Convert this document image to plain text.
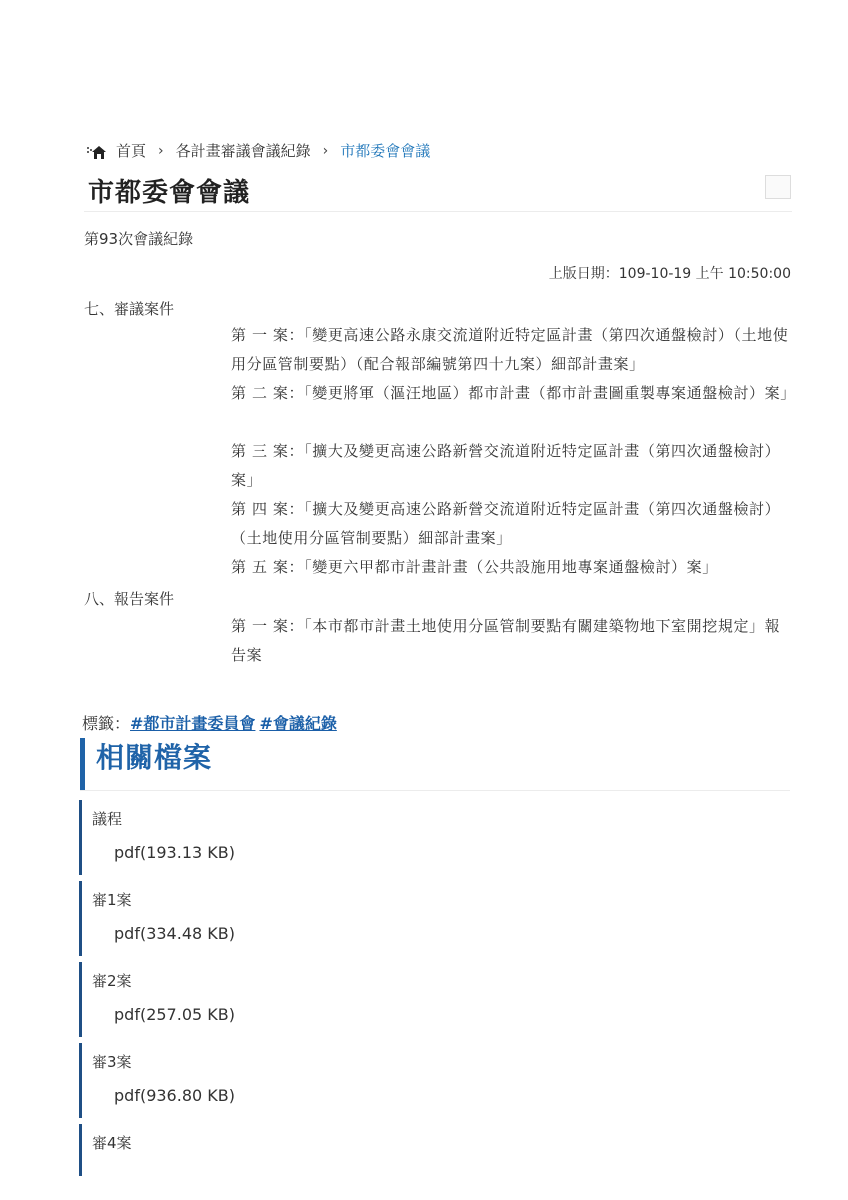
首頁 › 各計畫審議會議紀錄 › 市都委會會議
市都委會會議
第93次會議紀錄
上版日期：109-10-19 上午 10:50:00
七、審議案件
第 一 案：「變更高速公路永康交流道附近特定區計畫（第四次通盤檢討）（土地使用分區管制要點）（配合報部編號第四十九案）細部計畫案」
第 二 案：「變更將軍（漚汪地區）都市計畫（都市計畫圖重製專案通盤檢討）案」
第 三 案：「擴大及變更高速公路新營交流道附近特定區計畫（第四次通盤檢討）案」
第 四 案：「擴大及變更高速公路新營交流道附近特定區計畫（第四次通盤檢討）（土地使用分區管制要點）細部計畫案」
第 五 案：「變更六甲都市計畫計畫（公共設施用地專案通盤檢討）案」
八、報告案件
第 一 案：「本市都市計畫土地使用分區管制要點有關建築物地下室開挖規定」報告案
標籤：#都市計畫委員會 #會議紀錄
相關檔案
議程
pdf(193.13 KB)
審1案
pdf(334.48 KB)
審2案
pdf(257.05 KB)
審3案
pdf(936.80 KB)
審4案
